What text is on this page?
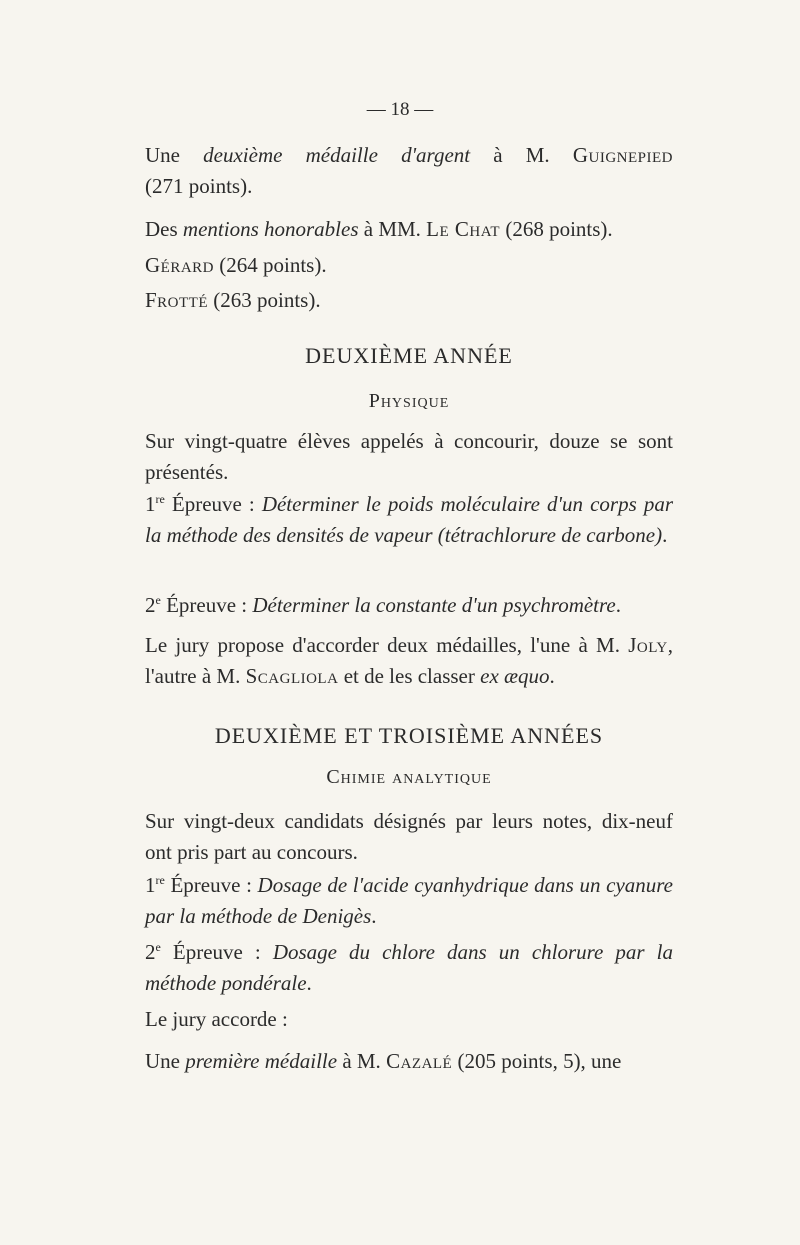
— 18 —

Une deuxième médaille d'argent à M. Guignepied

(271 points).

Des mentions honorables à MM. Le Chat (268 points).

Gérard (264 points).

Frotté (263 points).

DEUXIÈME ANNÉE
Physique

Sur vingt-quatre élèves appelés à concourir, douze se sont présentés.

1re Épreuve : Déterminer le poids moléculaire d'un corps par la méthode des densités de vapeur (tétrachlorure de carbone).

2e Épreuve : Déterminer la constante d'un psychromètre.

Le jury propose d'accorder deux médailles, l'une à M. Joly, l'autre à M. Scagliola et de les classer ex æquo.

DEUXIÈME ET TROISIÈME ANNÉES
Chimie analytique

Sur vingt-deux candidats désignés par leurs notes, dix-neuf ont pris part au concours.

1re Épreuve : Dosage de l'acide cyanhydrique dans un cyanure par la méthode de Denigès.

2e Épreuve : Dosage du chlore dans un chlorure par la méthode pondérale.

Le jury accorde :

Une première médaille à M. Cazalé (205 points, 5), une
